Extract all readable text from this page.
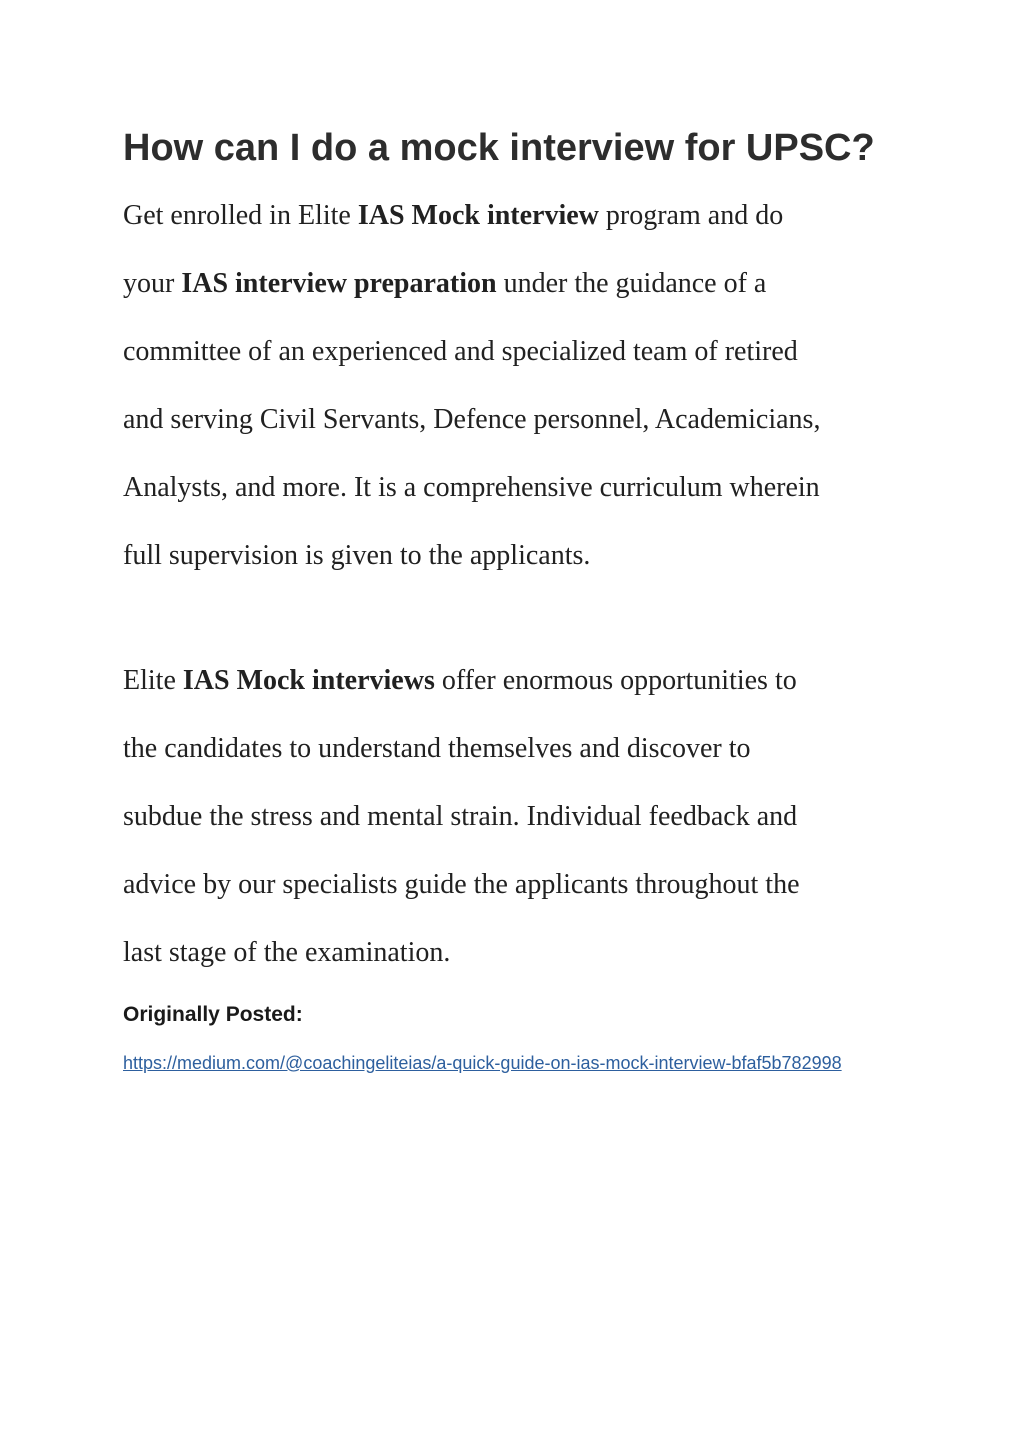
How can I do a mock interview for UPSC?
Get enrolled in Elite IAS Mock interview program and do
your IAS interview preparation under the guidance of a
committee of an experienced and specialized team of retired
and serving Civil Servants, Defence personnel, Academicians,
Analysts, and more. It is a comprehensive curriculum wherein
full supervision is given to the applicants.
Elite IAS Mock interviews offer enormous opportunities to
the candidates to understand themselves and discover to
subdue the stress and mental strain. Individual feedback and
advice by our specialists guide the applicants throughout the
last stage of the examination.
Originally Posted:
https://medium.com/@coachingeliteias/a-quick-guide-on-ias-mock-interview-bfaf5b782998
